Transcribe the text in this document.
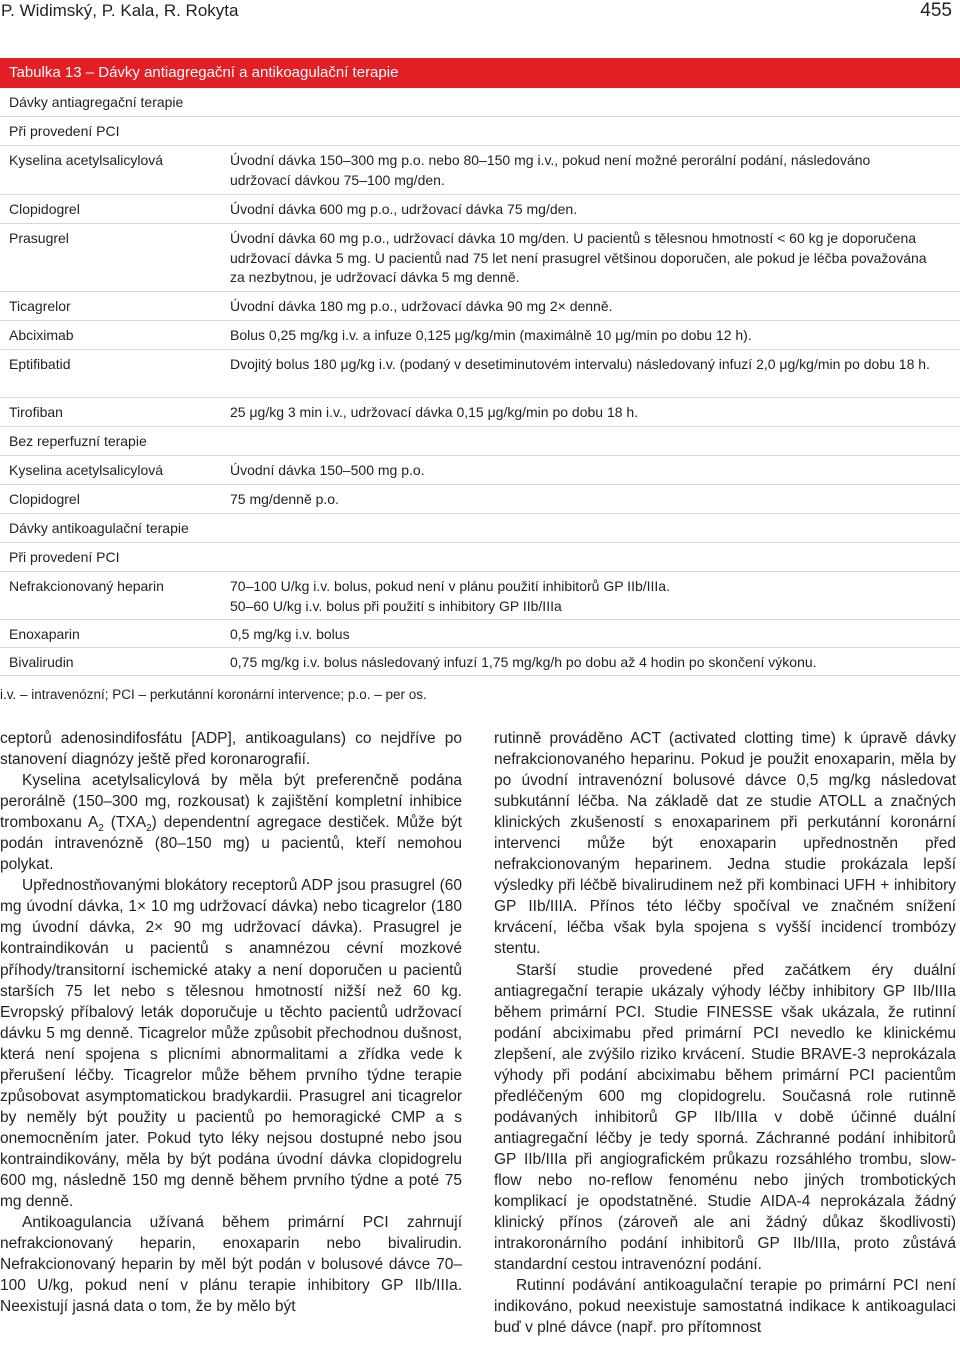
P. Widimský, P. Kala, R. Rokyta	455
Tabulka 13 – Dávky antiagregační a antikoagulační terapie
Dávky antiagregační terapie
Při provedení PCI
Kyselina acetylsalicylová	Úvodní dávka 150–300 mg p.o. nebo 80–150 mg i.v., pokud není možné perorální podání, následováno udržovací dávkou 75–100 mg/den.
Clopidogrel	Úvodní dávka 600 mg p.o., udržovací dávka 75 mg/den.
Prasugrel	Úvodní dávka 60 mg p.o., udržovací dávka 10 mg/den. U pacientů s tělesnou hmotností < 60 kg je doporučena udržovací dávka 5 mg. U pacientů nad 75 let není prasugrel většinou doporučen, ale pokud je léčba považována za nezbytnou, je udržovací dávka 5 mg denně.
Ticagrelor	Úvodní dávka 180 mg p.o., udržovací dávka 90 mg 2× denně.
Abciximab	Bolus 0,25 mg/kg i.v. a infuze 0,125 μg/kg/min (maximálně 10 μg/min po dobu 12 h).
Eptifibatid	Dvojitý bolus 180 μg/kg i.v. (podaný v desetiminutovém intervalu) následovaný infuzí 2,0 μg/kg/min po dobu 18 h.
Tirofiban	25 μg/kg 3 min i.v., udržovací dávka 0,15 μg/kg/min po dobu 18 h.
Bez reperfuzní terapie
Kyselina acetylsalicylová	Úvodní dávka 150–500 mg p.o.
Clopidogrel	75 mg/denně p.o.
Dávky antikoagulační terapie
Při provedení PCI
Nefrakcionovaný heparin	70–100 U/kg i.v. bolus, pokud není v plánu použití inhibitorů GP IIb/IIIa.
50–60 U/kg i.v. bolus při použití s inhibitory GP IIb/IIIa
Enoxaparin	0,5 mg/kg i.v. bolus
Bivalirudin	0,75 mg/kg i.v. bolus následovaný infuzí 1,75 mg/kg/h po dobu až 4 hodin po skončení výkonu.
i.v. – intravenózní; PCI – perkutánní koronární intervence; p.o. – per os.

ceptorů adenosindifosfátu [ADP], antikoagulans) co nejdříve po stanovení diagnózy ještě před koronarografií.

Kyselina acetylsalicylová by měla být preferenčně podána perorálně (150–300 mg, rozkousat) k zajištění kompletní inhibice tromboxanu $A_2$ $(TXA_2)$ dependentní agregace destiček. Může být podán intravenózně (80–150 mg) u pacientů, kteří nemohou polykat.

Upřednostňovanými blokátory receptorů ADP jsou prasugrel (60 mg úvodní dávka, 1× 10 mg udržovací dávka) nebo ticagrelor (180 mg úvodní dávka, 2× 90 mg udržovací dávka). Prasugrel je kontraindikován u pacientů s anamnézou cévní mozkové příhody/transitorní ischemické ataky a není doporučen u pacientů starších 75 let nebo s tělesnou hmotností nižší než 60 kg. Evropský příbalový leták doporučuje u těchto pacientů udržovací dávku 5 mg denně. Ticagrelor může způsobit přechodnou dušnost, která není spojena s plicními abnormalitami a zřídka vede k přerušení léčby. Ticagrelor může během prvního týdne terapie způsobovat asymptomatickou bradykardii. Prasugrel ani ticagrelor by neměly být použity u pacientů po hemoragické CMP a s onemocněním jater. Pokud tyto léky nejsou dostupné nebo jsou kontraindikovány, měla by být podána úvodní dávka clopidogrelu 600 mg, následně 150 mg denně během prvního týdne a poté 75 mg denně.

Antikoagulancia užívaná během primární PCI zahrnují nefrakcionovaný heparin, enoxaparin nebo bivalirudin. Nefrakcionovaný heparin by měl být podán v bolusové dávce 70–100 U/kg, pokud není v plánu terapie inhibitory GP IIb/IIIa. Neexistují jasná data o tom, že by mělo být

rutinně prováděno ACT (activated clotting time) k úpravě dávky nefrakcionovaného heparinu. Pokud je použit enoxaparin, měla by po úvodní intravenózní bolusové dávce 0,5 mg/kg následovat subkutánní léčba. Na základě dat ze studie ATOLL a značných klinických zkušeností s enoxaparinem při perkutánní koronární intervenci může být enoxaparin upřednostněn před nefrakcionovaným heparinem. Jedna studie prokázala lepší výsledky při léčbě bivalirudinem než při kombinaci UFH + inhibitory GP IIb/IIIA. Přínos této léčby spočíval ve značném snížení krvácení, léčba však byla spojena s vyšší incidencí trombózy stentu.

Starší studie provedené před začátkem éry duální antiagregační terapie ukázaly výhody léčby inhibitory GP IIb/IIIa během primární PCI. Studie FINESSE však ukázala, že rutinní podání abciximabu před primární PCI nevedlo ke klinickému zlepšení, ale zvýšilo riziko krvácení. Studie BRAVE-3 neprokázala výhody při podání abciximabu během primární PCI pacientům předléčeným 600 mg clopidogrelu. Současná role rutinně podávaných inhibitorů GP IIb/IIIa v době účinné duální antiagregační léčby je tedy sporná. Záchranné podání inhibitorů GP IIb/IIIa při angiografickém průkazu rozsáhlého trombu, slow-flow nebo no-reflow fenoménu nebo jiných trombotických komplikací je opodstatněné. Studie AIDA-4 neprokázala žádný klinický přínos (zároveň ale ani žádný důkaz škodlivosti) intrakoronárního podání inhibitorů GP IIb/IIIa, proto zůstává standardní cestou intravenózní podání.

Rutinní podávání antikoagulační terapie po primární PCI není indikováno, pokud neexistuje samostatná indikace k antikoagulaci buď v plné dávce (např. pro přítomnost
